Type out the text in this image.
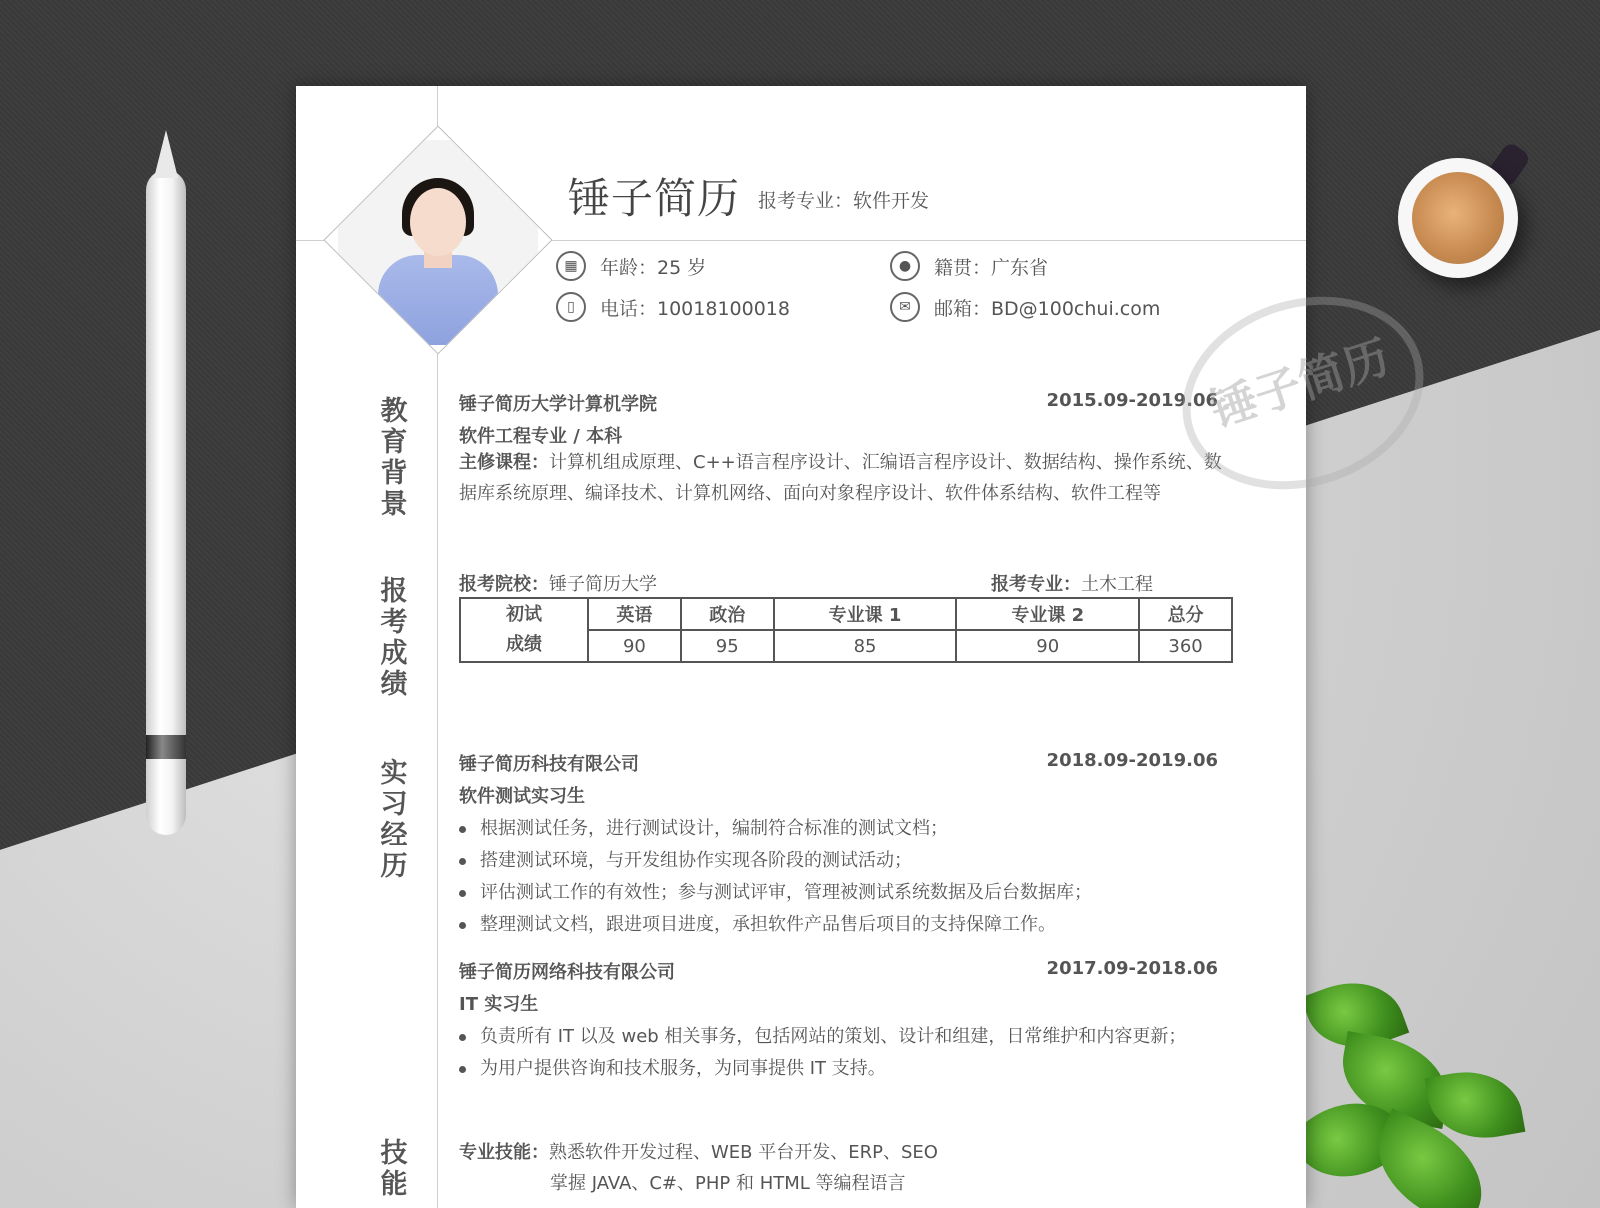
锤子简历 报考专业：软件开发
▦	年龄：25 岁	●	籍贯：广东省
▯	电话：10018100018	✉	邮箱：BD@100chui.com
教育背景
报考成绩
实习经历
技能
锤子简历大学计算机学院	2015.09-2019.06
软件工程专业 / 本科
主修课程：计算机组成原理、C++语言程序设计、汇编语言程序设计、数据结构、操作系统、数据库系统原理、编译技术、计算机网络、面向对象程序设计、软件体系结构、软件工程等
报考院校：锤子简历大学	报考专业：土木工程
初试成绩	英语	政治	专业课 1	专业课 2	总分
	90	95	85	90	360
锤子简历科技有限公司	2018.09-2019.06
软件测试实习生
根据测试任务，进行测试设计，编制符合标准的测试文档；
搭建测试环境，与开发组协作实现各阶段的测试活动；
评估测试工作的有效性；参与测试评审，管理被测试系统数据及后台数据库；
整理测试文档，跟进项目进度，承担软件产品售后项目的支持保障工作。
锤子简历网络科技有限公司	2017.09-2018.06
IT 实习生
负责所有 IT 以及 web 相关事务，包括网站的策划、设计和组建，日常维护和内容更新；
为用户提供咨询和技术服务，为同事提供 IT 支持。
专业技能：熟悉软件开发过程、WEB 平台开发、ERP、SEO
掌握 JAVA、C#、PHP 和 HTML 等编程语言
锤子简历
